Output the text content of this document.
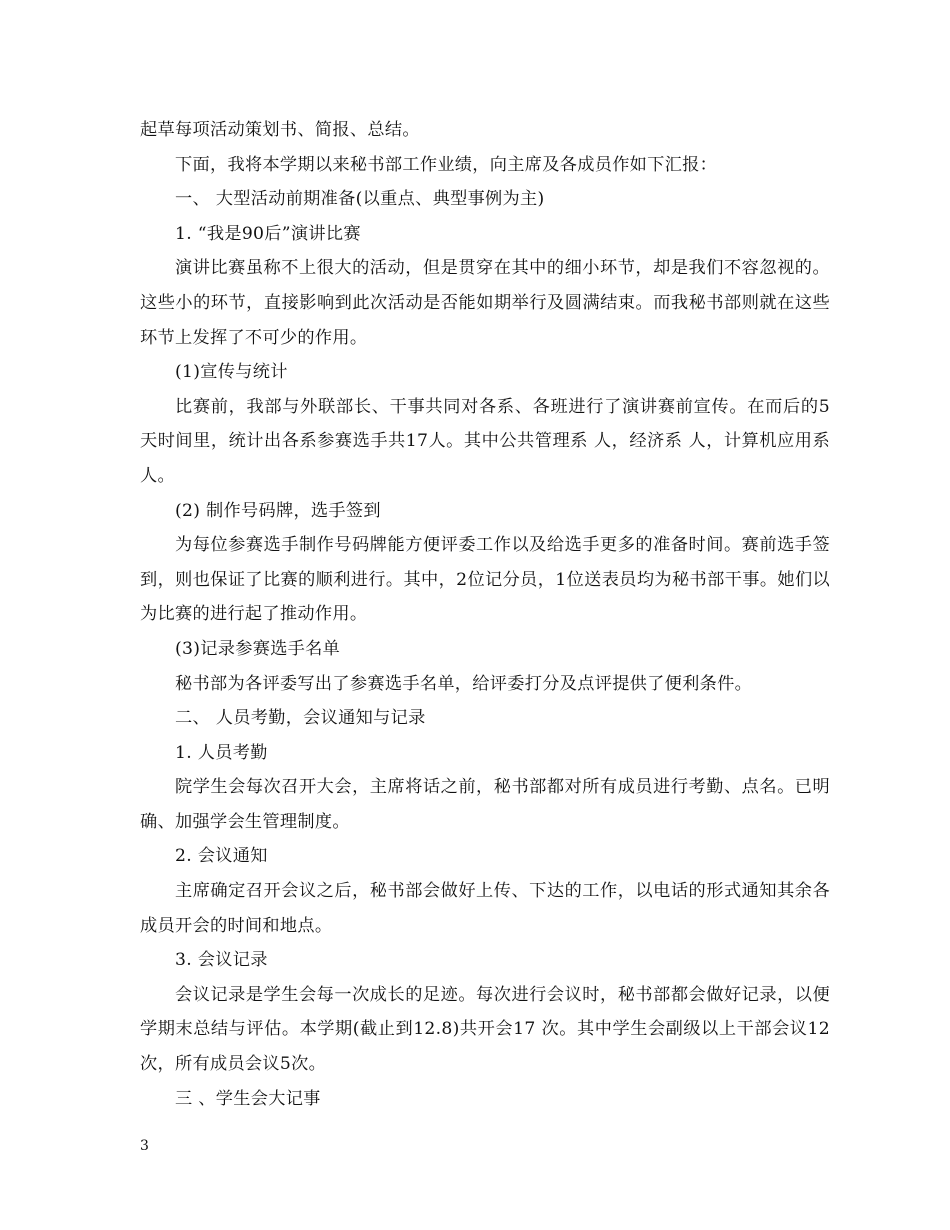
起草每项活动策划书、简报、总结。

下面，我将本学期以来秘书部工作业绩，向主席及各成员作如下汇报：

一、 大型活动前期准备(以重点、典型事例为主)

1. “我是90后”演讲比赛

演讲比赛虽称不上很大的活动，但是贯穿在其中的细小环节，却是我们不容忽视的。这些小的环节，直接影响到此次活动是否能如期举行及圆满结束。而我秘书部则就在这些环节上发挥了不可少的作用。

(1)宣传与统计

比赛前，我部与外联部长、干事共同对各系、各班进行了演讲赛前宣传。在而后的5天时间里，统计出各系参赛选手共17人。其中公共管理系 人，经济系 人，计算机应用系 人。

(2) 制作号码牌，选手签到

为每位参赛选手制作号码牌能方便评委工作以及给选手更多的准备时间。赛前选手签到，则也保证了比赛的顺利进行。其中，2位记分员，1位送表员均为秘书部干事。她们以为比赛的进行起了推动作用。

(3)记录参赛选手名单

秘书部为各评委写出了参赛选手名单，给评委打分及点评提供了便利条件。

二、 人员考勤，会议通知与记录

1. 人员考勤

院学生会每次召开大会，主席将话之前，秘书部都对所有成员进行考勤、点名。已明确、加强学会生管理制度。

2. 会议通知

主席确定召开会议之后，秘书部会做好上传、下达的工作，以电话的形式通知其余各成员开会的时间和地点。

3. 会议记录

会议记录是学生会每一次成长的足迹。每次进行会议时，秘书部都会做好记录，以便学期末总结与评估。本学期(截止到12.8)共开会17 次。其中学生会副级以上干部会议12次，所有成员会议5次。

三 、学生会大记事

3
